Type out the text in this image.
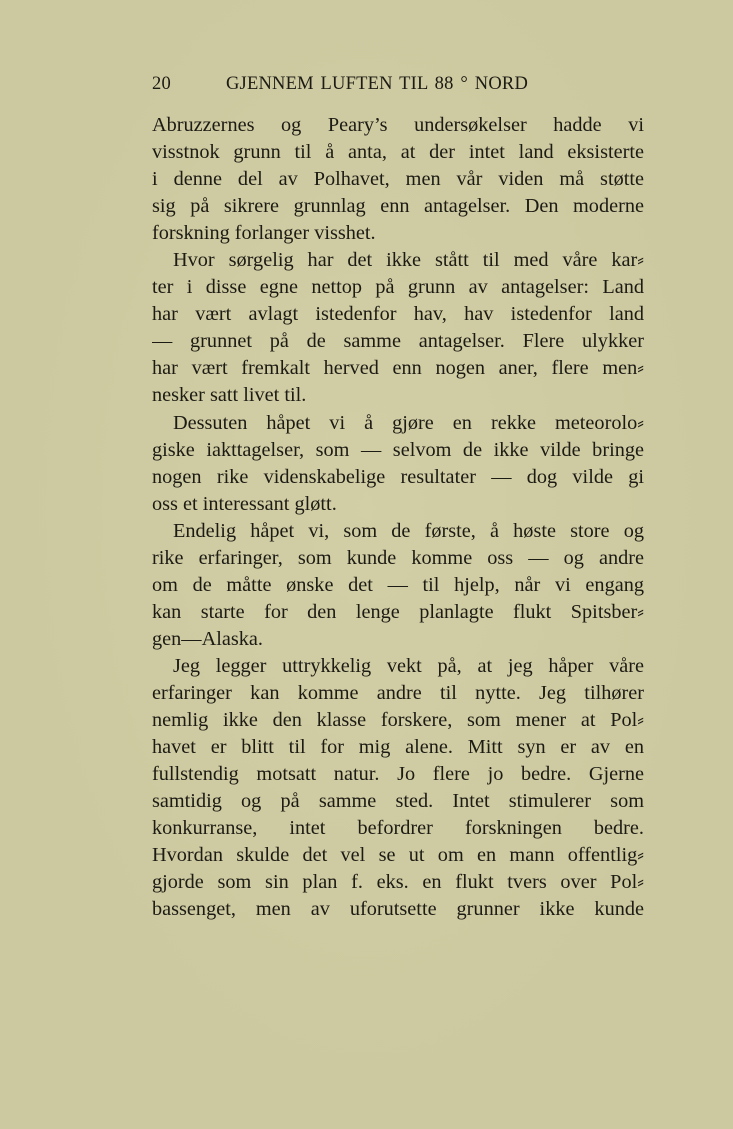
20	GJENNEM LUFTEN TIL 88 ° NORD
Abruzzernes og Peary’s undersøkelser hadde vi
visstnok grunn til å anta, at der intet land eksisterte
i denne del av Polhavet, men vår viden må støtte
sig på sikrere grunnlag enn antagelser. Den moderne
forskning forlanger visshet.
Hvor sørgelig har det ikke stått til med våre kar⸗
ter i disse egne nettop på grunn av antagelser: Land
har vært avlagt istedenfor hav, hav istedenfor land
— grunnet på de samme antagelser. Flere ulykker
har vært fremkalt herved enn nogen aner, flere men⸗
nesker satt livet til.
Dessuten håpet vi å gjøre en rekke meteorolo⸗
giske iakttagelser, som — selvom de ikke vilde bringe
nogen rike videnskabelige resultater — dog vilde gi
oss et interessant gløtt.
Endelig håpet vi, som de første, å høste store og
rike erfaringer, som kunde komme oss — og andre
om de måtte ønske det — til hjelp, når vi engang
kan starte for den lenge planlagte flukt Spitsber⸗
gen—Alaska.
Jeg legger uttrykkelig vekt på, at jeg håper våre
erfaringer kan komme andre til nytte. Jeg tilhører
nemlig ikke den klasse forskere, som mener at Pol⸗
havet er blitt til for mig alene. Mitt syn er av en
fullstendig motsatt natur. Jo flere jo bedre. Gjerne
samtidig og på samme sted. Intet stimulerer som
konkurranse, intet befordrer forskningen bedre.
Hvordan skulde det vel se ut om en mann offentlig⸗
gjorde som sin plan f. eks. en flukt tvers over Pol⸗
bassenget, men av uforutsette grunner ikke kunde
